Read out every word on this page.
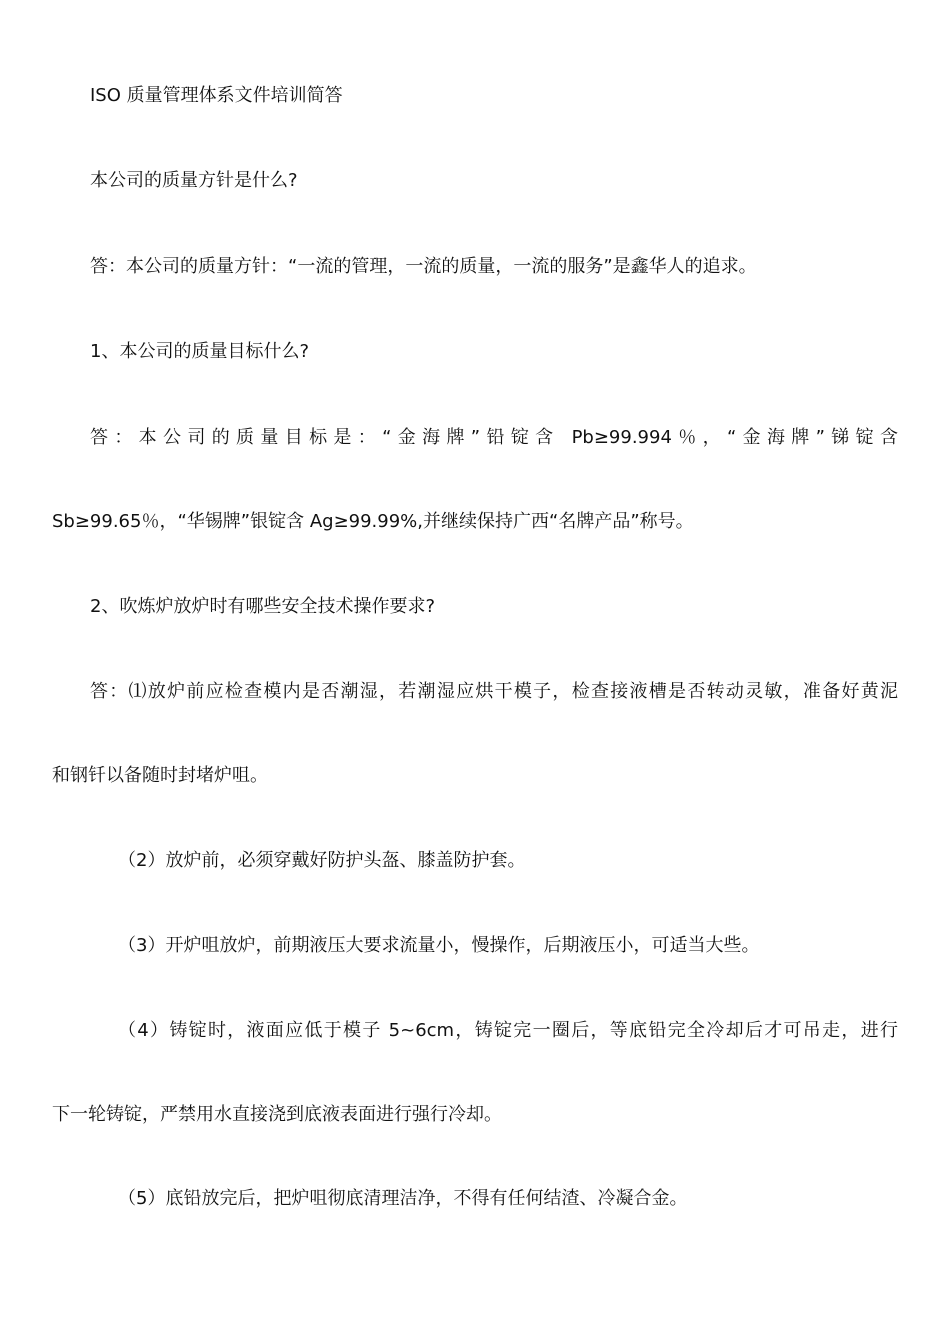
ISO 质量管理体系文件培训简答
本公司的质量方针是什么?
答：本公司的质量方针：“一流的管理，一流的质量，一流的服务”是鑫华人的追求。
1、本公司的质量目标什么?
答：本公司的质量目标是：“金海牌”铅锭含 Pb≥99.994％，“金海牌”锑锭含
Sb≥99.65％，“华锡牌”银锭含 Ag≥99.99%,并继续保持广西“名牌产品”称号。
2、吹炼炉放炉时有哪些安全技术操作要求?
答：⑴放炉前应检查模内是否潮湿，若潮湿应烘干模子，检查接液槽是否转动灵敏，准备好黄泥
和钢钎以备随时封堵炉咀。
（2）放炉前，必须穿戴好防护头盔、膝盖防护套。
（3）开炉咀放炉，前期液压大要求流量小，慢操作，后期液压小，可适当大些。
（4）铸锭时，液面应低于模子 5~6cm，铸锭完一圈后，等底铅完全冷却后才可吊走，进行
下一轮铸锭，严禁用水直接浇到底液表面进行强行冷却。
（5）底铅放完后，把炉咀彻底清理洁净，不得有任何结渣、冷凝合金。
